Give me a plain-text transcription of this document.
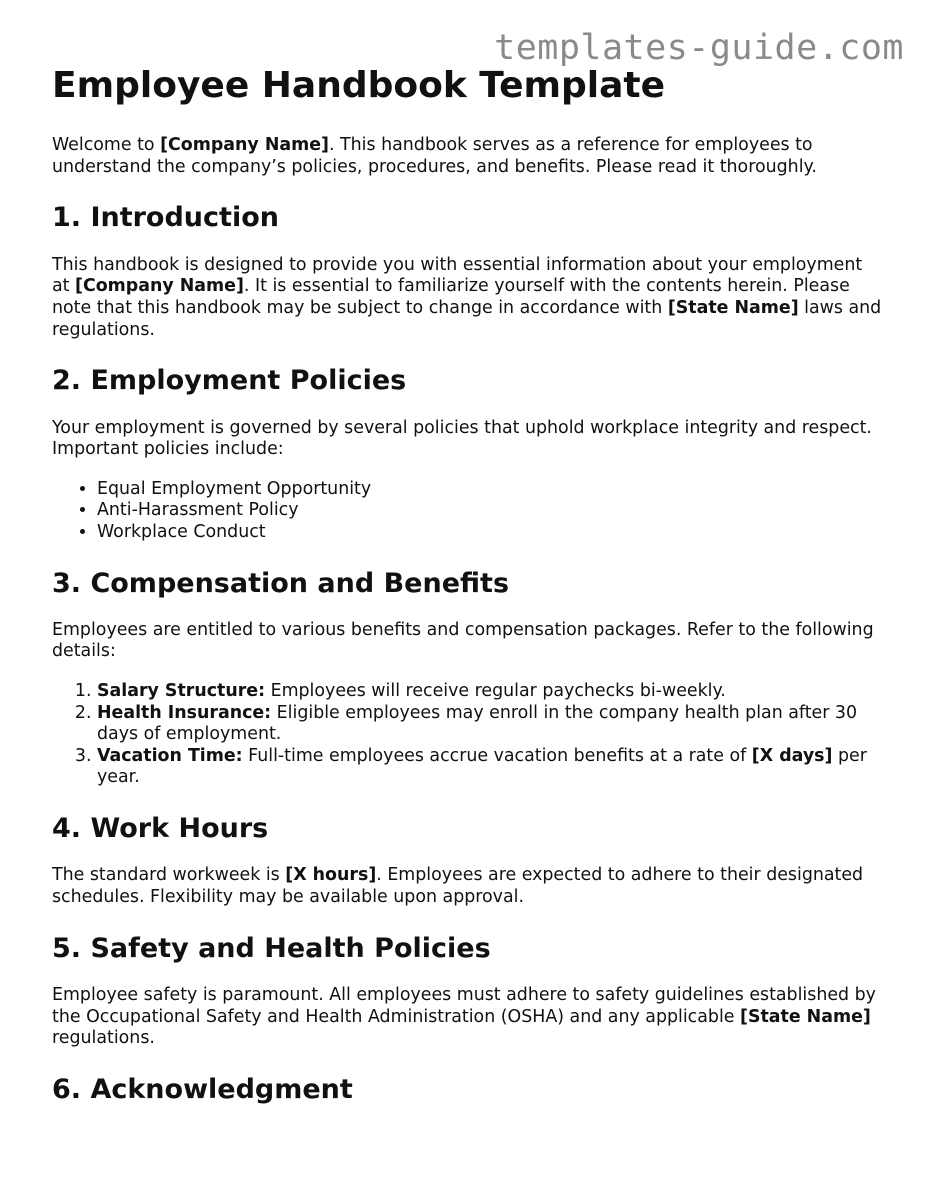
templates-guide.com
Employee Handbook Template

Welcome to [Company Name]. This handbook serves as a reference for employees to understand the company’s policies, procedures, and benefits. Please read it thoroughly.

1. Introduction

This handbook is designed to provide you with essential information about your employment at [Company Name]. It is essential to familiarize yourself with the contents herein. Please note that this handbook may be subject to change in accordance with [State Name] laws and regulations.

2. Employment Policies

Your employment is governed by several policies that uphold workplace integrity and respect. Important policies include:

• Equal Employment Opportunity
• Anti-Harassment Policy
• Workplace Conduct
3. Compensation and Benefits

Employees are entitled to various benefits and compensation packages. Refer to the following details:

1. Salary Structure: Employees will receive regular paychecks bi-weekly.
2. Health Insurance: Eligible employees may enroll in the company health plan after 30 days of employment.
3. Vacation Time: Full-time employees accrue vacation benefits at a rate of [X days] per year.
4. Work Hours

The standard workweek is [X hours]. Employees are expected to adhere to their designated schedules. Flexibility may be available upon approval.

5. Safety and Health Policies

Employee safety is paramount. All employees must adhere to safety guidelines established by the Occupational Safety and Health Administration (OSHA) and any applicable [State Name] regulations.

6. Acknowledgment
